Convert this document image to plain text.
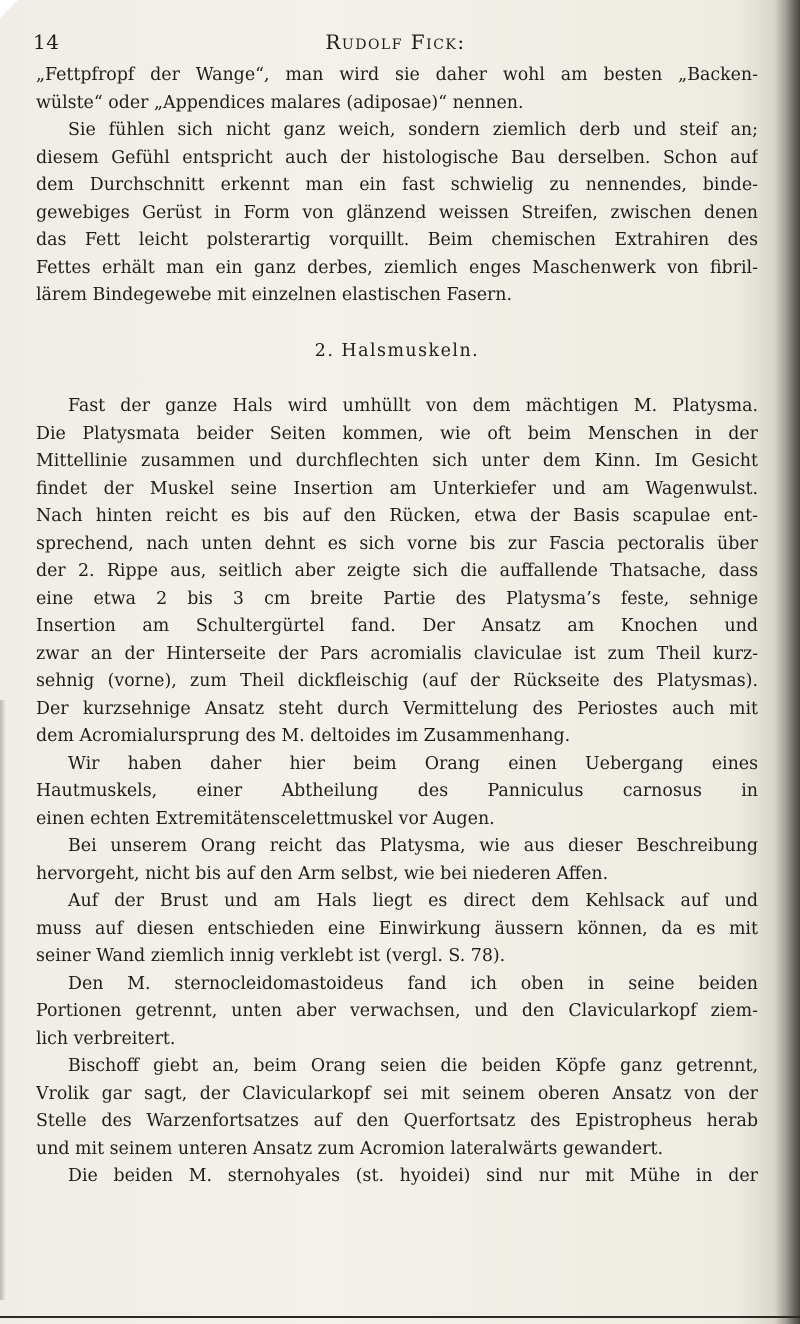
14	Rudolf Fick:
„Fettpfropf der Wange“, man wird sie daher wohl am besten „Backen-
wülste“ oder „Appendices malares (adiposae)“ nennen.
Sie fühlen sich nicht ganz weich, sondern ziemlich derb und steif an;
diesem Gefühl entspricht auch der histologische Bau derselben. Schon auf
dem Durchschnitt erkennt man ein fast schwielig zu nennendes, binde-
gewebiges Gerüst in Form von glänzend weissen Streifen, zwischen denen
das Fett leicht polsterartig vorquillt. Beim chemischen Extrahiren des
Fettes erhält man ein ganz derbes, ziemlich enges Maschenwerk von fibril-
lärem Bindegewebe mit einzelnen elastischen Fasern.
2. Halsmuskeln.
Fast der ganze Hals wird umhüllt von dem mächtigen M. Platysma.
Die Platysmata beider Seiten kommen, wie oft beim Menschen in der
Mittellinie zusammen und durchflechten sich unter dem Kinn. Im Gesicht
findet der Muskel seine Insertion am Unterkiefer und am Wagenwulst.
Nach hinten reicht es bis auf den Rücken, etwa der Basis scapulae ent-
sprechend, nach unten dehnt es sich vorne bis zur Fascia pectoralis über
der 2. Rippe aus, seitlich aber zeigte sich die auffallende Thatsache, dass
eine etwa 2 bis 3 cm breite Partie des Platysma’s feste, sehnige
Insertion am Schultergürtel fand. Der Ansatz am Knochen und
zwar an der Hinterseite der Pars acromialis claviculae ist zum Theil kurz-
sehnig (vorne), zum Theil dickfleischig (auf der Rückseite des Platysmas).
Der kurzsehnige Ansatz steht durch Vermittelung des Periostes auch mit
dem Acromialursprung des M. deltoides im Zusammenhang.
Wir haben daher hier beim Orang einen Uebergang eines
Hautmuskels, einer Abtheilung des Panniculus carnosus in
einen echten Extremitätenscelettmuskel vor Augen.
Bei unserem Orang reicht das Platysma, wie aus dieser Beschreibung
hervorgeht, nicht bis auf den Arm selbst, wie bei niederen Affen.
Auf der Brust und am Hals liegt es direct dem Kehlsack auf und
muss auf diesen entschieden eine Einwirkung äussern können, da es mit
seiner Wand ziemlich innig verklebt ist (vergl. S. 78).
Den M. sternocleidomastoideus fand ich oben in seine beiden
Portionen getrennt, unten aber verwachsen, und den Clavicularkopf ziem-
lich verbreitert.
Bischoff giebt an, beim Orang seien die beiden Köpfe ganz getrennt,
Vrolik gar sagt, der Clavicularkopf sei mit seinem oberen Ansatz von der
Stelle des Warzenfortsatzes auf den Querfortsatz des Epistropheus herab
und mit seinem unteren Ansatz zum Acromion lateralwärts gewandert.
Die beiden M. sternohyales (st. hyoidei) sind nur mit Mühe in der
